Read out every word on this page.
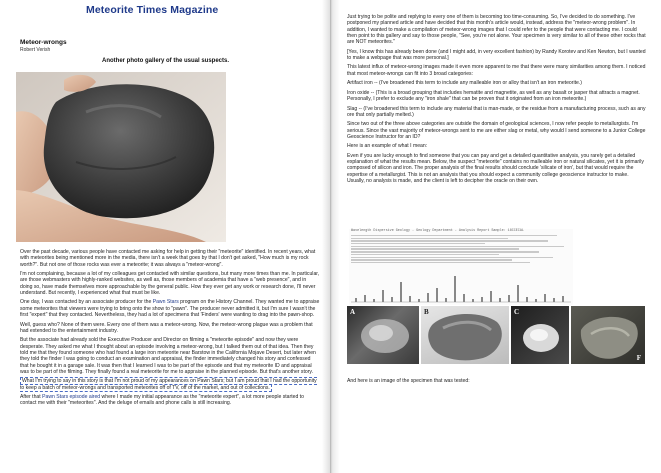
Meteorite Times Magazine
Meteor-wrongs
Robert Verish
Another photo gallery of the usual suspects.

Over the past decade, various people have contacted me asking for help in getting their "meteorite" identified. In recent years, what with meteorites being mentioned more in the media, there isn't a week that goes by that I don't get asked, "How much is my rock worth?". But not one of those rocks was ever a meteorite; it was always a "meteor-wrong".

I'm not complaining, because a lot of my colleagues get contacted with similar questions, but many more times than me. In particular, are those webmasters with highly-ranked websites, as well as, those members of academia that have a "web presence", and in doing so, have made themselves more approachable by the general public. How they ever get any work or research done, I'll never understand. But recently, I experienced what that must be like.

One day, I was contacted by an associate producer for the Pawn Stars program on the History Channel. They wanted me to appraise some meteorites that viewers were trying to bring onto the show to "pawn". The producer never admitted it, but I'm sure I wasn't the first "expert" that they contacted. Nevertheless, they had a lot of specimens that 'Finders' were wanting to drag into the pawn-shop.

Well, guess who? None of them were. Every one of them was a meteor-wrong. Now, the meteor-wrong plague was a problem that had extended to the entertainment industry.

But the associate had already sold the Executive Producer and Director on filming a "meteorite episode" and now they were desperate. They asked me what I thought about an episode involving a meteor-wrong, but I talked them out of that idea. Then they told me that they found someone who had found a large iron meteorite near Barstow in the California Mojave Desert, but later when they told the finder I was going to conduct an examination and appraisal, the finder immediately changed his story and confessed that he bought it in a garage sale. It was then that I learned I was to be part of the episode and that my meteorite ID and appraisal was to be part of the filming. They finally found a real meteorite for me to appraise in the planned episode. But that's another story.

What I'm trying to say in this story is that I'm not proud of my appearances on Pawn Stars; but I am proud that I had the opportunity to keep a batch of meteor-wrongs and transported meteorites off of TV, off of the market, and out of collections.

After that Pawn Stars episode aired where I made my initial appearance as the "meteorite expert", a lot more people started to contact me with their "meteorites". And the deluge of emails and phone calls is still increasing.

Just trying to be polite and replying to every one of them is becoming too time-consuming. So, I've decided to do something. I've postponed my planned article and have decided that this month's article would, instead, address the "meteor-wrong problem". In addition, I wanted to make a compilation of meteor-wrong images that I could refer to the people that were contacting me. I could then point to this gallery and say to those people, "See, you're not alone. Your specimen is very similar to all of these other rocks that are NOT meteorites."

[Yes, I know this has already been done (and I might add, in very excellent fashion) by Randy Korotev and Ken Newton, but I wanted to make a webpage that was more personal.]

This latest influx of meteor-wrong images made it even more apparent to me that there were many similarities among them. I noticed that most meteor-wrongs can fit into 3 broad categories:

Artifact iron -- (I've broadened this term to include any malleable iron or alloy that isn't an iron meteorite.)

Iron oxide -- (This is a broad grouping that includes hematite and magnetite, as well as any basalt or jasper that attracts a magnet. Personally, I prefer to exclude any "iron shale" that can be proven that it originated from an iron meteorite.)

Slag -- (I've broadened this term to include any material that is man-made, or the residue from a manufacturing process, such as any ore that only partially melted.)

Since two out of the three above categories are outside the domain of geological sciences, I now refer people to metallurgists. I'm serious. Since the vast majority of meteor-wrongs sent to me are either slag or metal, why would I send someone to a Junior College Geoscience Instructor for an ID?

Here is an example of what I mean:

Even if you are lucky enough to find someone that you can pay and get a detailed quantitative analysis, you rarely get a detailed explanation of what the results mean. Below, the suspect "meteorite" contains no malleable iron or natural silicates, yet it is primarily composed of silicon and iron. The proper analysis of the final results should conclude 'silicate of iron', but that would require the expertise of a metallurgist. This is not an analysis that you should expect a community college geoscience instructor to make. Usually, no analysis is made, and the client is left to decipher the oracle on their own.

Wavelength Dispersive Geology - Geology Department - Analysis Report Sample: 18CCEIAL
A	B	C
F
And here is an image of the specimen that was tested:
